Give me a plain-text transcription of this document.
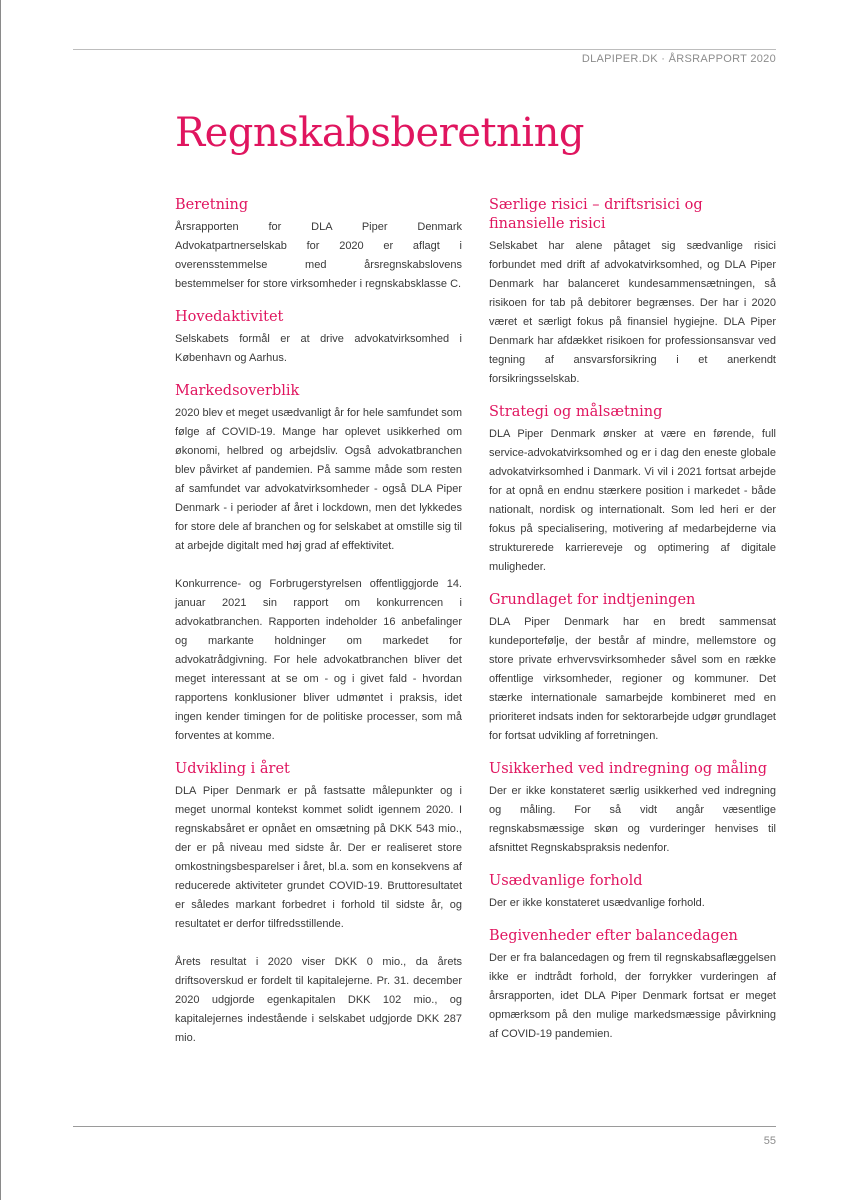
DLAPIPER.DK · ÅRSRAPPORT 2020
Regnskabsberetning
Beretning

Årsrapporten for DLA Piper Denmark Advokatpartnerselskab for 2020 er aflagt i overensstemmelse med årsregnskabslovens bestemmelser for store virksomheder i regnskabsklasse C.

Hovedaktivitet

Selskabets formål er at drive advokatvirksomhed i København og Aarhus.

Markedsoverblik

2020 blev et meget usædvanligt år for hele samfundet som følge af COVID-19. Mange har oplevet usikkerhed om økonomi, helbred og arbejdsliv. Også advokatbranchen blev påvirket af pandemien. På samme måde som resten af samfundet var advokatvirksomheder - også DLA Piper Denmark - i perioder af året i lockdown, men det lykkedes for store dele af branchen og for selskabet at omstille sig til at arbejde digitalt med høj grad af effektivitet.

Konkurrence- og Forbrugerstyrelsen offentliggjorde 14. januar 2021 sin rapport om konkurrencen i advokatbranchen. Rapporten indeholder 16 anbefalinger og markante holdninger om markedet for advokatrådgivning. For hele advokatbranchen bliver det meget interessant at se om - og i givet fald - hvordan rapportens konklusioner bliver udmøntet i praksis, idet ingen kender timingen for de politiske processer, som må forventes at komme.

Udvikling i året

DLA Piper Denmark er på fastsatte målepunkter og i meget unormal kontekst kommet solidt igennem 2020. I regnskabsåret er opnået en omsætning på DKK 543 mio., der er på niveau med sidste år. Der er realiseret store omkostningsbesparelser i året, bl.a. som en konsekvens af reducerede aktiviteter grundet COVID-19. Bruttoresultatet er således markant forbedret i forhold til sidste år, og resultatet er derfor tilfredsstillende.

Årets resultat i 2020 viser DKK 0 mio., da årets driftsoverskud er fordelt til kapitalejerne. Pr. 31. december 2020 udgjorde egenkapitalen DKK 102 mio., og kapitalejernes indestående i selskabet udgjorde DKK 287 mio.

Særlige risici – driftsrisici og finansielle risici

Selskabet har alene påtaget sig sædvanlige risici forbundet med drift af advokatvirksomhed, og DLA Piper Denmark har balanceret kundesammensætningen, så risikoen for tab på debitorer begrænses. Der har i 2020 været et særligt fokus på finansiel hygiejne. DLA Piper Denmark har afdækket risikoen for professionsansvar ved tegning af ansvarsforsikring i et anerkendt forsikringsselskab.

Strategi og målsætning

DLA Piper Denmark ønsker at være en førende, full service-advokatvirksomhed og er i dag den eneste globale advokatvirksomhed i Danmark. Vi vil i 2021 fortsat arbejde for at opnå en endnu stærkere position i markedet - både nationalt, nordisk og internationalt. Som led heri er der fokus på specialisering, motivering af medarbejderne via strukturerede karriereveje og optimering af digitale muligheder.

Grundlaget for indtjeningen

DLA Piper Denmark har en bredt sammensat kundeportefølje, der består af mindre, mellemstore og store private erhvervsvirksomheder såvel som en række offentlige virksomheder, regioner og kommuner. Det stærke internationale samarbejde kombineret med en prioriteret indsats inden for sektorarbejde udgør grundlaget for fortsat udvikling af forretningen.

Usikkerhed ved indregning og måling

Der er ikke konstateret særlig usikkerhed ved indregning og måling. For så vidt angår væsentlige regnskabsmæssige skøn og vurderinger henvises til afsnittet Regnskabspraksis nedenfor.

Usædvanlige forhold

Der er ikke konstateret usædvanlige forhold.

Begivenheder efter balancedagen

Der er fra balancedagen og frem til regnskabsaflæggelsen ikke er indtrådt forhold, der forrykker vurderingen af årsrapporten, idet DLA Piper Denmark fortsat er meget opmærksom på den mulige markedsmæssige påvirkning af COVID-19 pandemien.

55
